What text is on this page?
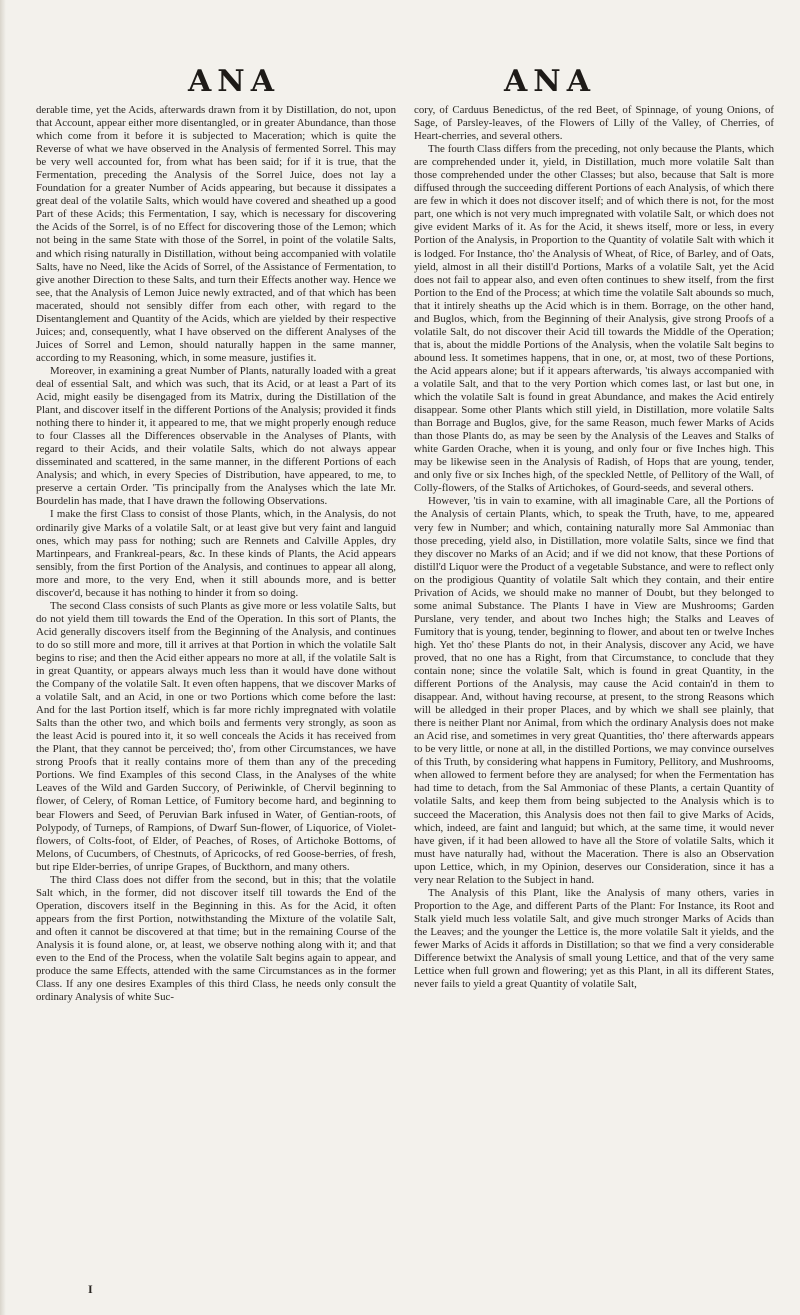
ANA	ANA

derable time, yet the Acids, afterwards drawn from it by Distillation, do not, upon that Account, appear either more disentangled, or in greater Abundance, than those which come from it before it is subjected to Maceration; which is quite the Reverse of what we have observed in the Analysis of fermented Sorrel. This may be very well accounted for, from what has been said; for if it is true, that the Fermentation, preceding the Analysis of the Sorrel Juice, does not lay a Foundation for a greater Number of Acids appearing, but because it dissipates a great deal of the volatile Salts, which would have covered and sheathed up a good Part of these Acids; this Fermentation, I say, which is necessary for discovering the Acids of the Sorrel, is of no Effect for discovering those of the Lemon; which not being in the same State with those of the Sorrel, in point of the volatile Salts, and which rising naturally in Distillation, without being accompanied with volatile Salts, have no Need, like the Acids of Sorrel, of the Assistance of Fermentation, to give another Direction to these Salts, and turn their Effects another way. Hence we see, that the Analysis of Lemon Juice newly extracted, and of that which has been macerated, should not sensibly differ from each other, with regard to the Disentanglement and Quantity of the Acids, which are yielded by their respective Juices; and, consequently, what I have observed on the different Analyses of the Juices of Sorrel and Lemon, should naturally happen in the same manner, according to my Reasoning, which, in some measure, justifies it.

Moreover, in examining a great Number of Plants, naturally loaded with a great deal of essential Salt, and which was such, that its Acid, or at least a Part of its Acid, might easily be disengaged from its Matrix, during the Distillation of the Plant, and discover itself in the different Portions of the Analysis; provided it finds nothing there to hinder it, it appeared to me, that we might properly enough reduce to four Classes all the Differences observable in the Analyses of Plants, with regard to their Acids, and their volatile Salts, which do not always appear disseminated and scattered, in the same manner, in the different Portions of each Analysis; and which, in every Species of Distribution, have appeared, to me, to preserve a certain Order. 'Tis principally from the Analyses which the late Mr. Bourdelin has made, that I have drawn the following Observations.

I make the first Class to consist of those Plants, which, in the Analysis, do not ordinarily give Marks of a volatile Salt, or at least give but very faint and languid ones, which may pass for nothing; such are Rennets and Calville Apples, dry Martinpears, and Frankreal-pears, &c. In these kinds of Plants, the Acid appears sensibly, from the first Portion of the Analysis, and continues to appear all along, more and more, to the very End, when it still abounds more, and is better discover'd, because it has nothing to hinder it from so doing.

The second Class consists of such Plants as give more or less volatile Salts, but do not yield them till towards the End of the Operation. In this sort of Plants, the Acid generally discovers itself from the Beginning of the Analysis, and continues to do so still more and more, till it arrives at that Portion in which the volatile Salt begins to rise; and then the Acid either appears no more at all, if the volatile Salt is in great Quantity, or appears always much less than it would have done without the Company of the volatile Salt. It even often happens, that we discover Marks of a volatile Salt, and an Acid, in one or two Portions which come before the last: And for the last Portion itself, which is far more richly impregnated with volatile Salts than the other two, and which boils and ferments very strongly, as soon as the least Acid is poured into it, it so well conceals the Acids it has received from the Plant, that they cannot be perceived; tho', from other Circumstances, we have strong Proofs that it really contains more of them than any of the preceding Portions. We find Examples of this second Class, in the Analyses of the white Leaves of the Wild and Garden Succory, of Periwinkle, of Chervil beginning to flower, of Celery, of Roman Lettice, of Fumitory become hard, and beginning to bear Flowers and Seed, of Peruvian Bark infused in Water, of Gentian-roots, of Polypody, of Turneps, of Rampions, of Dwarf Sun-flower, of Liquorice, of Violet-flowers, of Colts-foot, of Elder, of Peaches, of Roses, of Artichoke Bottoms, of Melons, of Cucumbers, of Chestnuts, of Apricocks, of red Goose-berries, of fresh, but ripe Elder-berries, of unripe Grapes, of Buckthorn, and many others.

The third Class does not differ from the second, but in this; that the volatile Salt which, in the former, did not discover itself till towards the End of the Operation, discovers itself in the Beginning in this. As for the Acid, it often appears from the first Portion, notwithstanding the Mixture of the volatile Salt, and often it cannot be discovered at that time; but in the remaining Course of the Analysis it is found alone, or, at least, we observe nothing along with it; and that even to the End of the Process, when the volatile Salt begins again to appear, and produce the same Effects, attended with the same Circumstances as in the former Class. If any one desires Examples of this third Class, he needs only consult the ordinary Analysis of white Suc-

cory, of Carduus Benedictus, of the red Beet, of Spinnage, of young Onions, of Sage, of Parsley-leaves, of the Flowers of Lilly of the Valley, of Cherries, of Heart-cherries, and several others.

The fourth Class differs from the preceding, not only because the Plants, which are comprehended under it, yield, in Distillation, much more volatile Salt than those comprehended under the other Classes; but also, because that Salt is more diffused through the succeeding different Portions of each Analysis, of which there are few in which it does not discover itself; and of which there is not, for the most part, one which is not very much impregnated with volatile Salt, or which does not give evident Marks of it. As for the Acid, it shews itself, more or less, in every Portion of the Analysis, in Proportion to the Quantity of volatile Salt with which it is lodged. For Instance, tho' the Analysis of Wheat, of Rice, of Barley, and of Oats, yield, almost in all their distill'd Portions, Marks of a volatile Salt, yet the Acid does not fail to appear also, and even often continues to shew itself, from the first Portion to the End of the Process; at which time the volatile Salt abounds so much, that it intirely sheaths up the Acid which is in them. Borrage, on the other hand, and Buglos, which, from the Beginning of their Analysis, give strong Proofs of a volatile Salt, do not discover their Acid till towards the Middle of the Operation; that is, about the middle Portions of the Analysis, when the volatile Salt begins to abound less. It sometimes happens, that in one, or, at most, two of these Portions, the Acid appears alone; but if it appears afterwards, 'tis always accompanied with a volatile Salt, and that to the very Portion which comes last, or last but one, in which the volatile Salt is found in great Abundance, and makes the Acid entirely disappear. Some other Plants which still yield, in Distillation, more volatile Salts than Borrage and Buglos, give, for the same Reason, much fewer Marks of Acids than those Plants do, as may be seen by the Analysis of the Leaves and Stalks of white Garden Orache, when it is young, and only four or five Inches high. This may be likewise seen in the Analysis of Radish, of Hops that are young, tender, and only five or six Inches high, of the speckled Nettle, of Pellitory of the Wall, of Colly-flowers, of the Stalks of Artichokes, of Gourd-seeds, and several others.

However, 'tis in vain to examine, with all imaginable Care, all the Portions of the Analysis of certain Plants, which, to speak the Truth, have, to me, appeared very few in Number; and which, containing naturally more Sal Ammoniac than those preceding, yield also, in Distillation, more volatile Salts, since we find that they discover no Marks of an Acid; and if we did not know, that these Portions of distill'd Liquor were the Product of a vegetable Substance, and were to reflect only on the prodigious Quantity of volatile Salt which they contain, and their entire Privation of Acids, we should make no manner of Doubt, but they belonged to some animal Substance. The Plants I have in View are Mushrooms; Garden Purslane, very tender, and about two Inches high; the Stalks and Leaves of Fumitory that is young, tender, beginning to flower, and about ten or twelve Inches high. Yet tho' these Plants do not, in their Analysis, discover any Acid, we have proved, that no one has a Right, from that Circumstance, to conclude that they contain none; since the volatile Salt, which is found in great Quantity, in the different Portions of the Analysis, may cause the Acid contain'd in them to disappear. And, without having recourse, at present, to the strong Reasons which will be alledged in their proper Places, and by which we shall see plainly, that there is neither Plant nor Animal, from which the ordinary Analysis does not make an Acid rise, and sometimes in very great Quantities, tho' there afterwards appears to be very little, or none at all, in the distilled Portions, we may convince ourselves of this Truth, by considering what happens in Fumitory, Pellitory, and Mushrooms, when allowed to ferment before they are analysed; for when the Fermentation has had time to detach, from the Sal Ammoniac of these Plants, a certain Quantity of volatile Salts, and keep them from being subjected to the Analysis which is to succeed the Maceration, this Analysis does not then fail to give Marks of Acids, which, indeed, are faint and languid; but which, at the same time, it would never have given, if it had been allowed to have all the Store of volatile Salts, which it must have naturally had, without the Maceration. There is also an Observation upon Lettice, which, in my Opinion, deserves our Consideration, since it has a very near Relation to the Subject in hand.

The Analysis of this Plant, like the Analysis of many others, varies in Proportion to the Age, and different Parts of the Plant: For Instance, its Root and Stalk yield much less volatile Salt, and give much stronger Marks of Acids than the Leaves; and the younger the Lettice is, the more volatile Salt it yields, and the fewer Marks of Acids it affords in Distillation; so that we find a very considerable Difference betwixt the Analysis of small young Lettice, and that of the very same Lettice when full grown and flowering; yet as this Plant, in all its different States, never fails to yield a great Quantity of volatile Salt,

I
